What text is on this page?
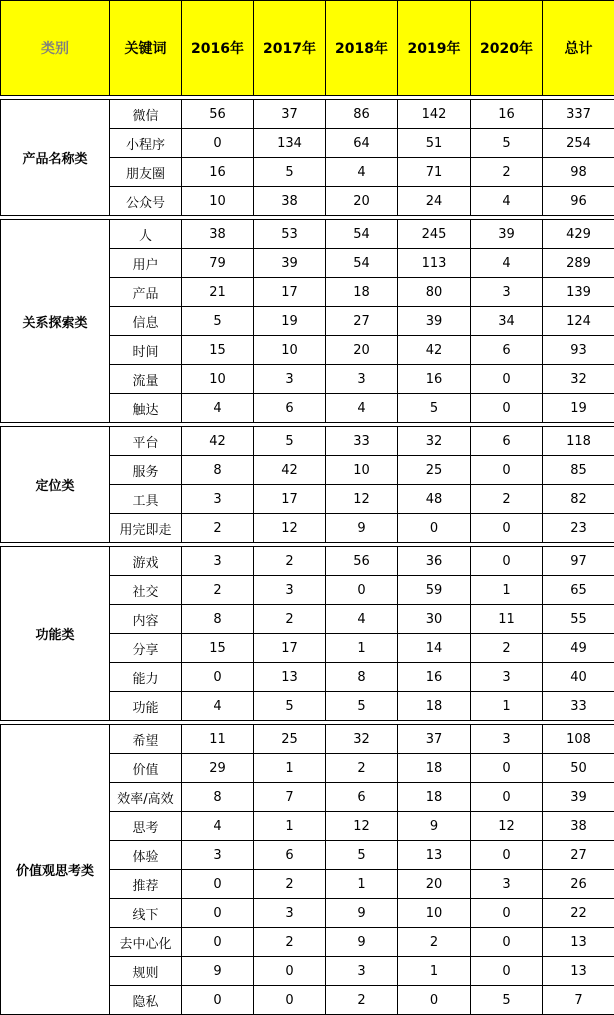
类别	关键词	2016年	2017年	2018年	2019年	2020年	总计

产品名称类	微信	56	37	86	142	16	337
	小程序	0	134	64	51	5	254
	朋友圈	16	5	4	71	2	98
	公众号	10	38	20	24	4	96

关系探索类	人	38	53	54	245	39	429
	用户	79	39	54	113	4	289
	产品	21	17	18	80	3	139
	信息	5	19	27	39	34	124
	时间	15	10	20	42	6	93
	流量	10	3	3	16	0	32
	触达	4	6	4	5	0	19

定位类	平台	42	5	33	32	6	118
	服务	8	42	10	25	0	85
	工具	3	17	12	48	2	82
	用完即走	2	12	9	0	0	23

功能类	游戏	3	2	56	36	0	97
	社交	2	3	0	59	1	65
	内容	8	2	4	30	11	55
	分享	15	17	1	14	2	49
	能力	0	13	8	16	3	40
	功能	4	5	5	18	1	33

价值观思考类	希望	11	25	32	37	3	108
	价值	29	1	2	18	0	50
	效率/高效	8	7	6	18	0	39
	思考	4	1	12	9	12	38
	体验	3	6	5	13	0	27
	推荐	0	2	1	20	3	26
	线下	0	3	9	10	0	22
	去中心化	0	2	9	2	0	13
	规则	9	0	3	1	0	13
	隐私	0	0	2	0	5	7
